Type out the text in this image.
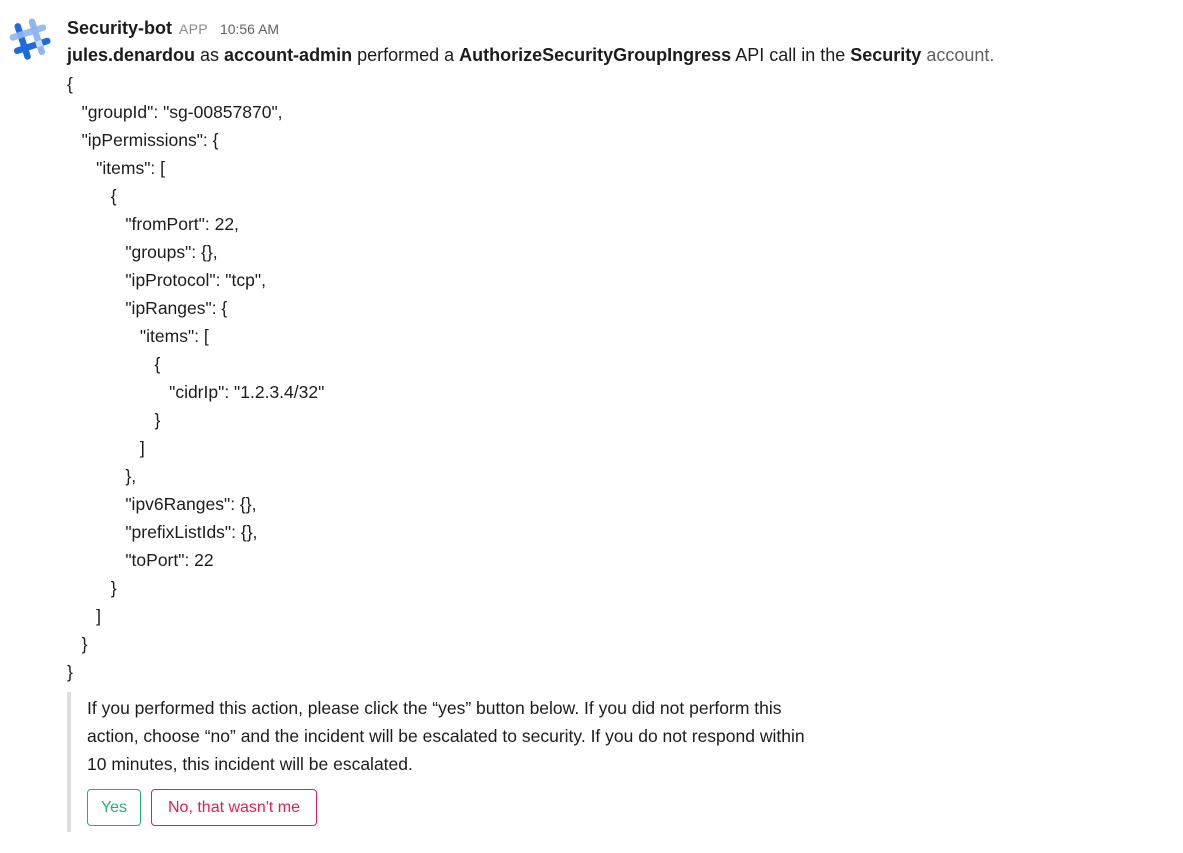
Security-bot APP 10:56 AM
jules.denardou as account-admin performed a AuthorizeSecurityGroupIngress API call in the Security account.
{
"groupId": "sg-00857870",
"ipPermissions": {
"items": [
{
"fromPort": 22,
"groups": {},
"ipProtocol": "tcp",
"ipRanges": {
"items": [
{
"cidrIp": "1.2.3.4/32"
}
]
},
"ipv6Ranges": {},
"prefixListIds": {},
"toPort": 22
}
]
}
}
If you performed this action, please click the “yes” button below. If you did not perform this action, choose “no” and the incident will be escalated to security. If you do not respond within 10 minutes, this incident will be escalated.
Yes	No, that wasn't me
